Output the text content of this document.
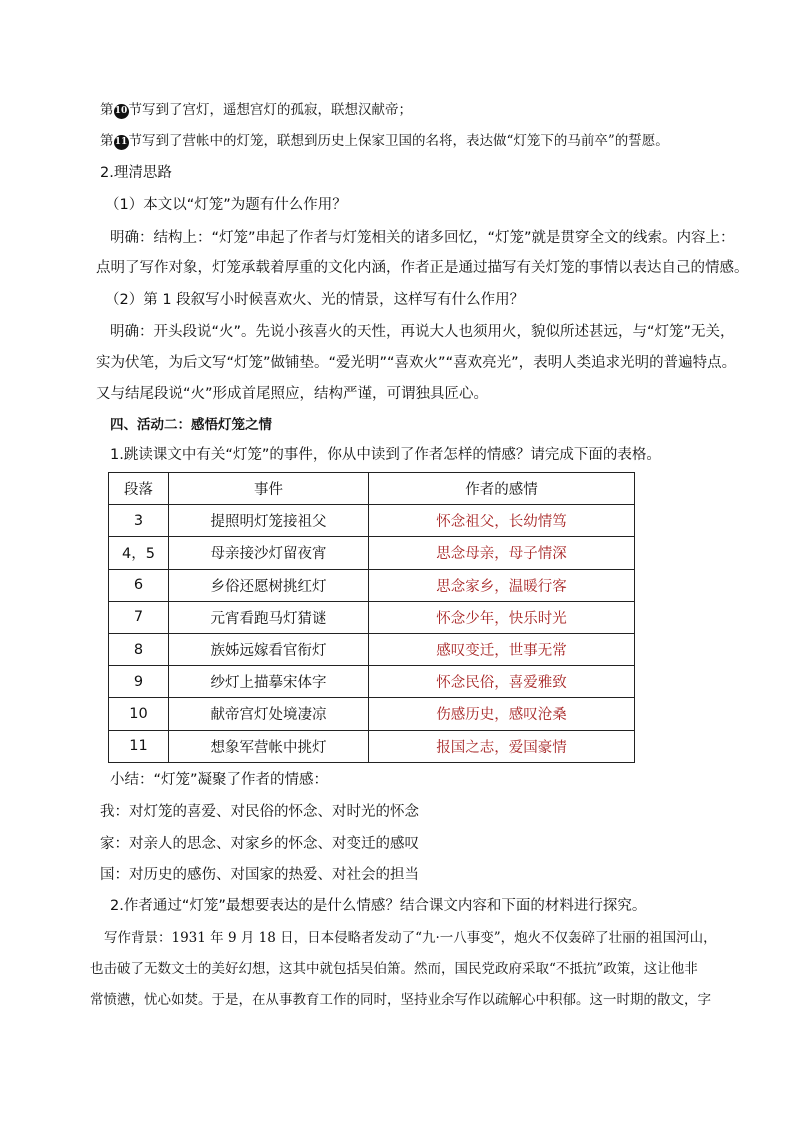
第10节写到了宫灯，遥想宫灯的孤寂，联想汉献帝；
第11节写到了营帐中的灯笼，联想到历史上保家卫国的名将，表达做“灯笼下的马前卒”的誓愿。
2.理清思路
（1）本文以“灯笼”为题有什么作用？
明确：结构上：“灯笼”串起了作者与灯笼相关的诸多回忆，“灯笼”就是贯穿全文的线索。内容上：
点明了写作对象，灯笼承载着厚重的文化内涵，作者正是通过描写有关灯笼的事情以表达自己的情感。
（2）第 1 段叙写小时候喜欢火、光的情景，这样写有什么作用？
明确：开头段说“火”。先说小孩喜火的天性，再说大人也须用火，貌似所述甚远，与“灯笼”无关，
实为伏笔，为后文写“灯笼”做铺垫。“爱光明”“喜欢火”“喜欢亮光”，表明人类追求光明的普遍特点。
又与结尾段说“火”形成首尾照应，结构严谨，可谓独具匠心。
四、活动二：感悟灯笼之情
1.跳读课文中有关“灯笼”的事件，你从中读到了作者怎样的情感？请完成下面的表格。
段落	事件	作者的感情
3	提照明灯笼接祖父	怀念祖父，长幼情笃
4，5	母亲接沙灯留夜宵	思念母亲，母子情深
6	乡俗还愿树挑红灯	思念家乡，温暖行客
7	元宵看跑马灯猜谜	怀念少年，快乐时光
8	族姊远嫁看官衔灯	感叹变迁，世事无常
9	纱灯上描摹宋体字	怀念民俗，喜爱雅致
10	献帝宫灯处境凄凉	伤感历史，感叹沧桑
11	想象军营帐中挑灯	报国之志，爱国豪情
小结：“灯笼”凝聚了作者的情感：
我：对灯笼的喜爱、对民俗的怀念、对时光的怀念
家：对亲人的思念、对家乡的怀念、对变迁的感叹
国：对历史的感伤、对国家的热爱、对社会的担当
2.作者通过“灯笼”最想要表达的是什么情感？结合课文内容和下面的材料进行探究。
写作背景：1931 年 9 月 18 日，日本侵略者发动了“九·一八事变”，炮火不仅轰碎了壮丽的祖国河山，
也击破了无数文士的美好幻想，这其中就包括吴伯箫。然而，国民党政府采取“不抵抗”政策，这让他非
常愤懑，忧心如焚。于是，在从事教育工作的同时，坚持业余写作以疏解心中积郁。这一时期的散文，字
